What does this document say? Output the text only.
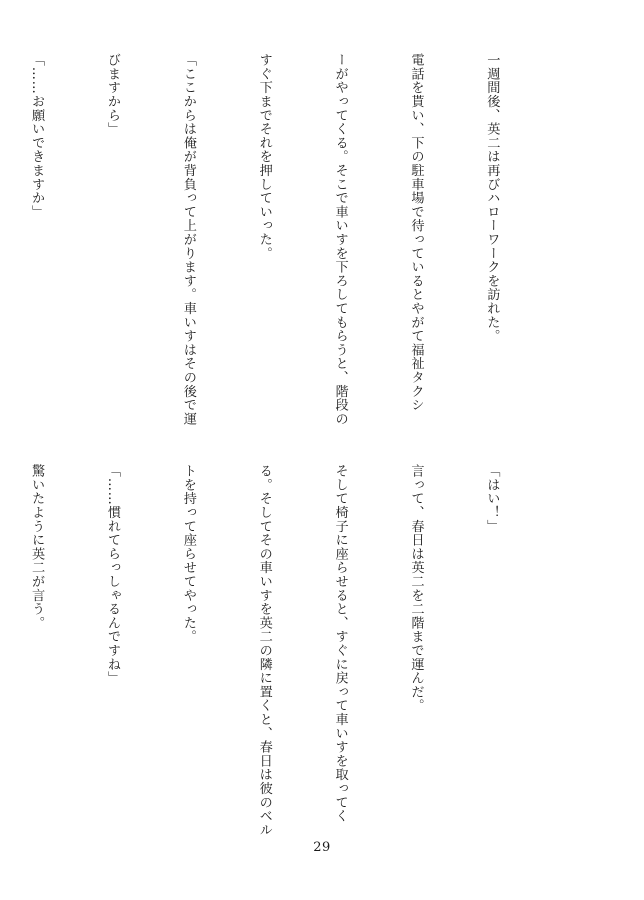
一週間後、英二は再びハローワークを訪れた。

電話を貰い、下の駐車場で待っているとやがて福祉タクシ

ーがやってくる。そこで車いすを下ろしてもらうと、階段の

すぐ下までそれを押していった。

「ここからは俺が背負って上がります。車いすはその後で運

びますから」

「……お願いできますか」

「はい！」

言って、春日は英二を二階まで運んだ。

そして椅子に座らせると、すぐに戻って車いすを取ってく

る。そしてその車いすを英二の隣に置くと、春日は彼のベル

トを持って座らせてやった。

「……慣れてらっしゃるんですね」

驚いたように英二が言う。

29
